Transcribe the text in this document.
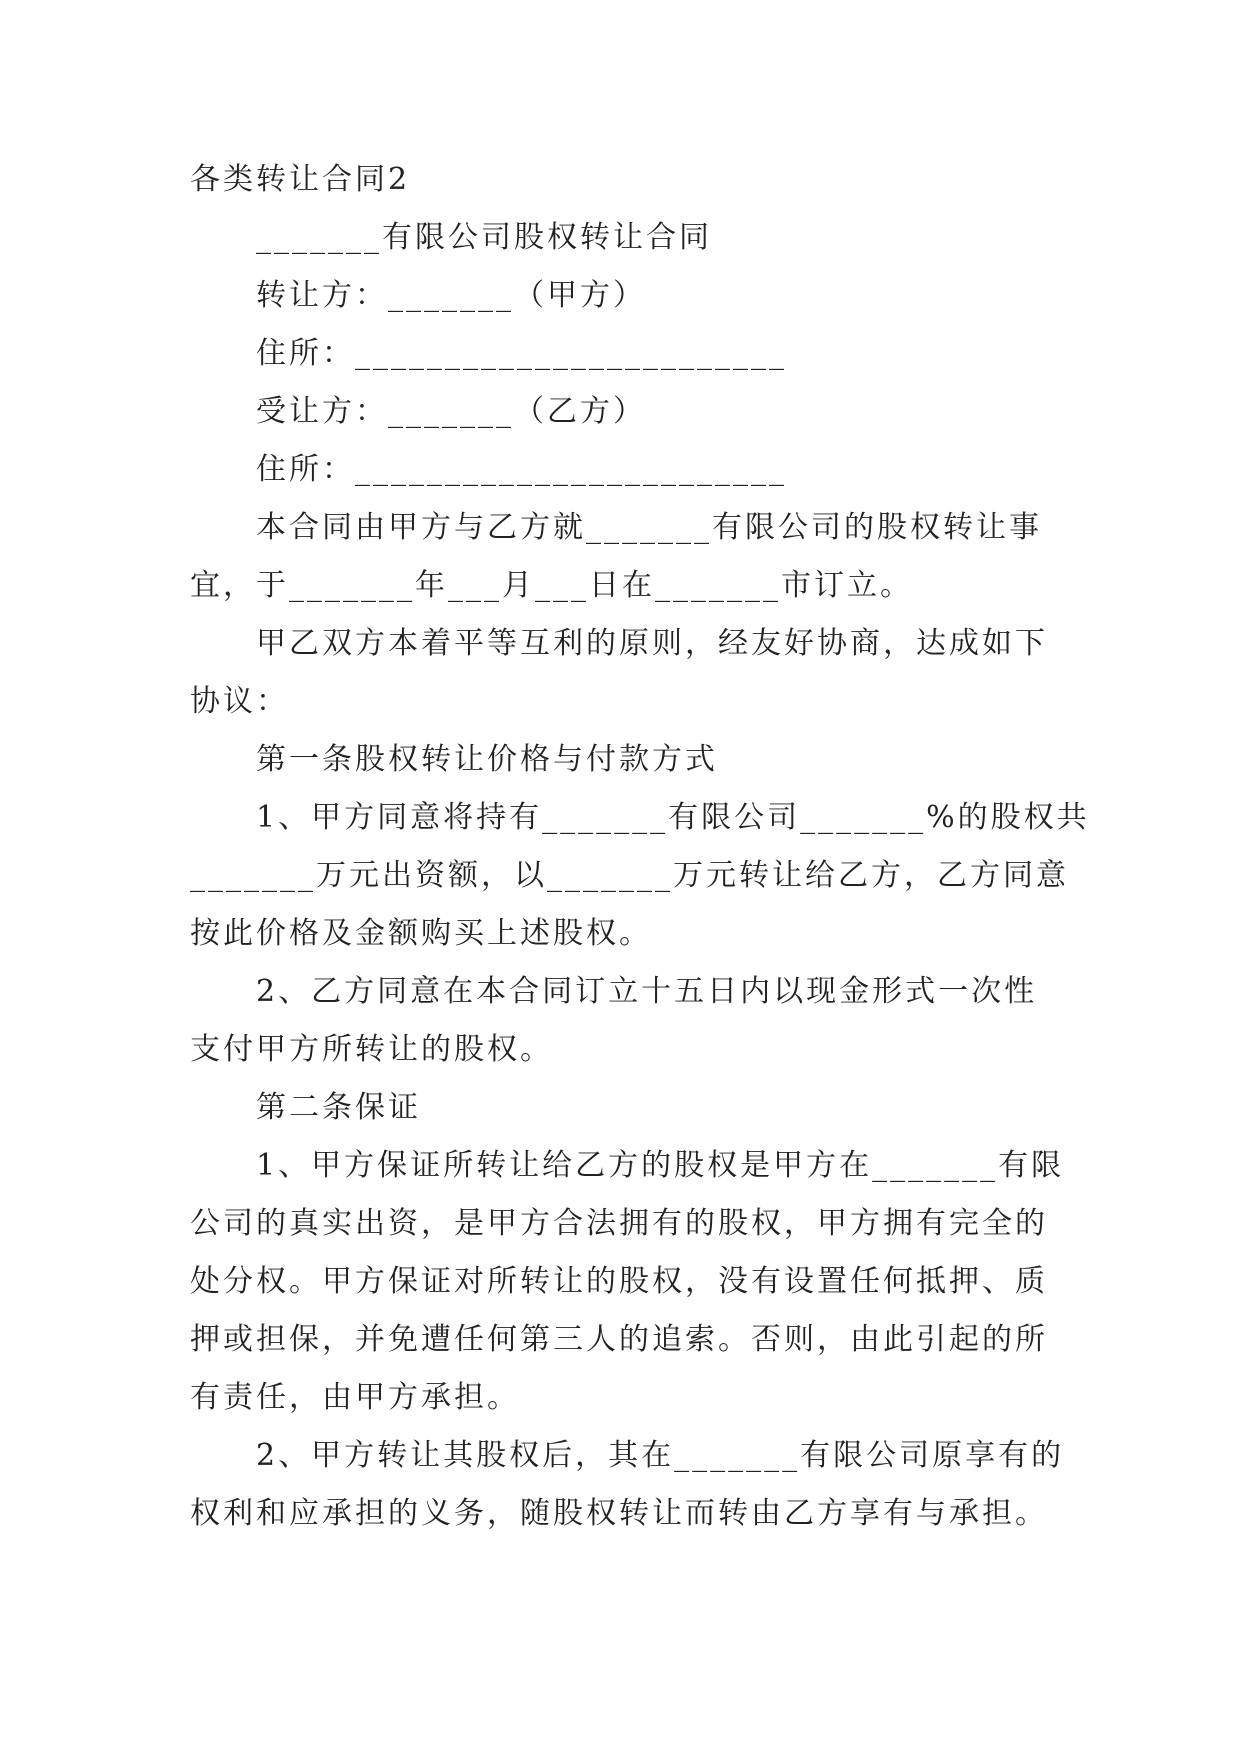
各类转让合同2
_______有限公司股权转让合同
转让方：_______（甲方）
住所：________________________
受让方：_______（乙方）
住所：________________________
本合同由甲方与乙方就_______有限公司的股权转让事
宜，于_______年___月___日在_______市订立。
甲乙双方本着平等互利的原则，经友好协商，达成如下
协议：
第一条股权转让价格与付款方式
1、甲方同意将持有_______有限公司_______%的股权共
_______万元出资额，以_______万元转让给乙方，乙方同意
按此价格及金额购买上述股权。
2、乙方同意在本合同订立十五日内以现金形式一次性
支付甲方所转让的股权。
第二条保证
1、甲方保证所转让给乙方的股权是甲方在_______有限
公司的真实出资，是甲方合法拥有的股权，甲方拥有完全的
处分权。甲方保证对所转让的股权，没有设置任何抵押、质
押或担保，并免遭任何第三人的追索。否则，由此引起的所
有责任，由甲方承担。
2、甲方转让其股权后，其在_______有限公司原享有的
权利和应承担的义务，随股权转让而转由乙方享有与承担。
